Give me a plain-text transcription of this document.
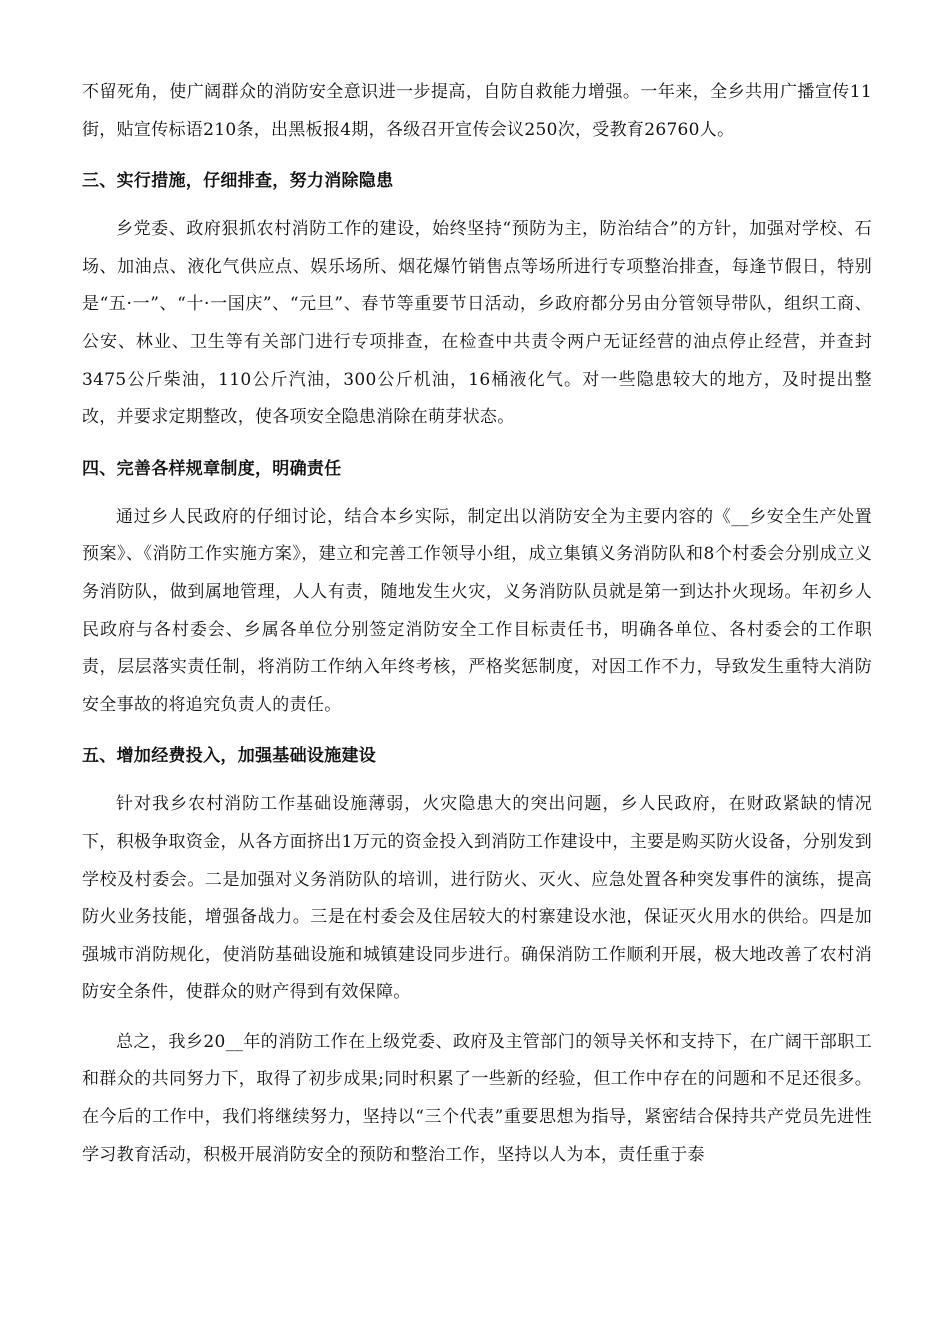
不留死角，使广阔群众的消防安全意识进一步提高，自防自救能力增强。一年来，全乡共用广播宣传11街，贴宣传标语210条，出黑板报4期，各级召开宣传会议250次，受教育26760人。

三、实行措施，仔细排查，努力消除隐患

乡党委、政府狠抓农村消防工作的建设，始终坚持“预防为主，防治结合”的方针，加强对学校、石场、加油点、液化气供应点、娱乐场所、烟花爆竹销售点等场所进行专项整治排查，每逢节假日，特别是“五·一”、“十·一国庆”、“元旦”、春节等重要节日活动，乡政府都分另由分管领导带队，组织工商、公安、林业、卫生等有关部门进行专项排查，在检查中共责令两户无证经营的油点停止经营，并查封3475公斤柴油，110公斤汽油，300公斤机油，16桶液化气。对一些隐患较大的地方，及时提出整改，并要求定期整改，使各项安全隐患消除在萌芽状态。

四、完善各样规章制度，明确责任

通过乡人民政府的仔细讨论，结合本乡实际，制定出以消防安全为主要内容的《__乡安全生产处置预案》、《消防工作实施方案》，建立和完善工作领导小组，成立集镇义务消防队和8个村委会分别成立义务消防队，做到属地管理，人人有责，随地发生火灾，义务消防队员就是第一到达扑火现场。年初乡人民政府与各村委会、乡属各单位分别签定消防安全工作目标责任书，明确各单位、各村委会的工作职责，层层落实责任制，将消防工作纳入年终考核，严格奖惩制度，对因工作不力，导致发生重特大消防安全事故的将追究负责人的责任。

五、增加经费投入，加强基础设施建设

针对我乡农村消防工作基础设施薄弱，火灾隐患大的突出问题，乡人民政府，在财政紧缺的情况下，积极争取资金，从各方面挤出1万元的资金投入到消防工作建设中，主要是购买防火设备，分别发到学校及村委会。二是加强对义务消防队的培训，进行防火、灭火、应急处置各种突发事件的演练，提高防火业务技能，增强备战力。三是在村委会及住居较大的村寨建设水池，保证灭火用水的供给。四是加强城市消防规化，使消防基础设施和城镇建设同步进行。确保消防工作顺利开展，极大地改善了农村消防安全条件，使群众的财产得到有效保障。

总之，我乡20__年的消防工作在上级党委、政府及主管部门的领导关怀和支持下，在广阔干部职工和群众的共同努力下，取得了初步成果;同时积累了一些新的经验，但工作中存在的问题和不足还很多。在今后的工作中，我们将继续努力，坚持以“三个代表”重要思想为指导，紧密结合保持共产党员先进性学习教育活动，积极开展消防安全的预防和整治工作，坚持以人为本，责任重于泰
